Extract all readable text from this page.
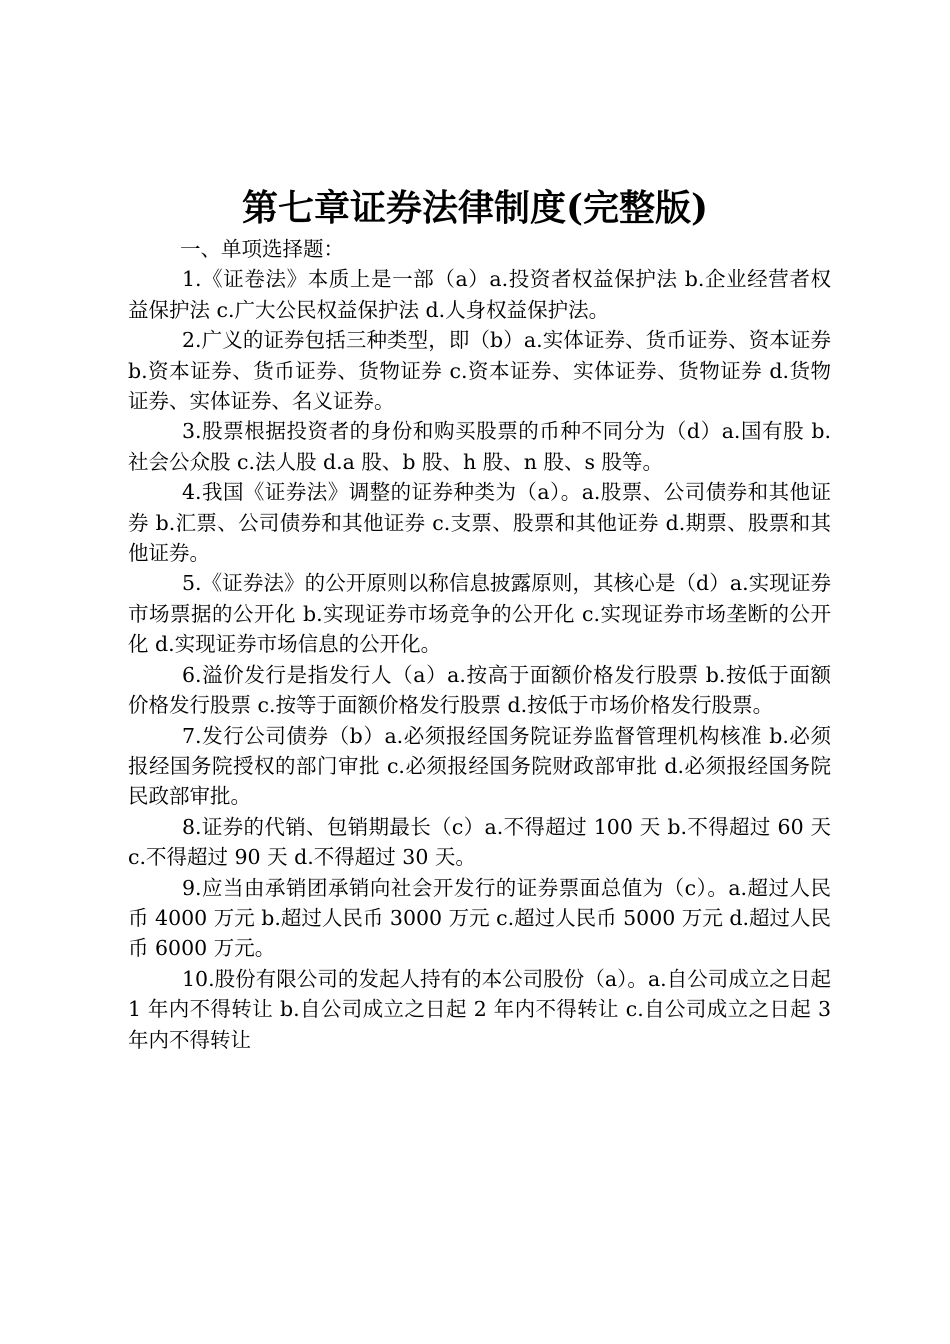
第七章证券法律制度(完整版)

一、单项选择题：

1.《证卷法》本质上是一部（a）a.投资者权益保护法 b.企业经营者权益保护法 c.广大公民权益保护法 d.人身权益保护法。

2.广义的证券包括三种类型，即（b）a.实体证券、货币证券、资本证券 b.资本证券、货币证券、货物证券 c.资本证券、实体证券、货物证券 d.货物证券、实体证券、名义证券。

3.股票根据投资者的身份和购买股票的币种不同分为（d）a.国有股 b.社会公众股 c.法人股 d.a 股、b 股、h 股、n 股、s 股等。

4.我国《证券法》调整的证券种类为（a）。a.股票、公司债券和其他证券 b.汇票、公司债券和其他证券 c.支票、股票和其他证券 d.期票、股票和其他证券。

5.《证券法》的公开原则以称信息披露原则，其核心是（d）a.实现证券市场票据的公开化 b.实现证券市场竞争的公开化 c.实现证券市场垄断的公开化 d.实现证券市场信息的公开化。

6.溢价发行是指发行人（a）a.按高于面额价格发行股票 b.按低于面额价格发行股票 c.按等于面额价格发行股票 d.按低于市场价格发行股票。

7.发行公司债券（b）a.必须报经国务院证券监督管理机构核准 b.必须报经国务院授权的部门审批 c.必须报经国务院财政部审批 d.必须报经国务院民政部审批。

8.证券的代销、包销期最长（c）a.不得超过 100 天 b.不得超过 60 天 c.不得超过 90 天 d.不得超过 30 天。

9.应当由承销团承销向社会开发行的证券票面总值为（c）。a.超过人民币 4000 万元 b.超过人民币 3000 万元 c.超过人民币 5000 万元 d.超过人民币 6000 万元。

10.股份有限公司的发起人持有的本公司股份（a）。a.自公司成立之日起 1 年内不得转让 b.自公司成立之日起 2 年内不得转让 c.自公司成立之日起 3 年内不得转让
